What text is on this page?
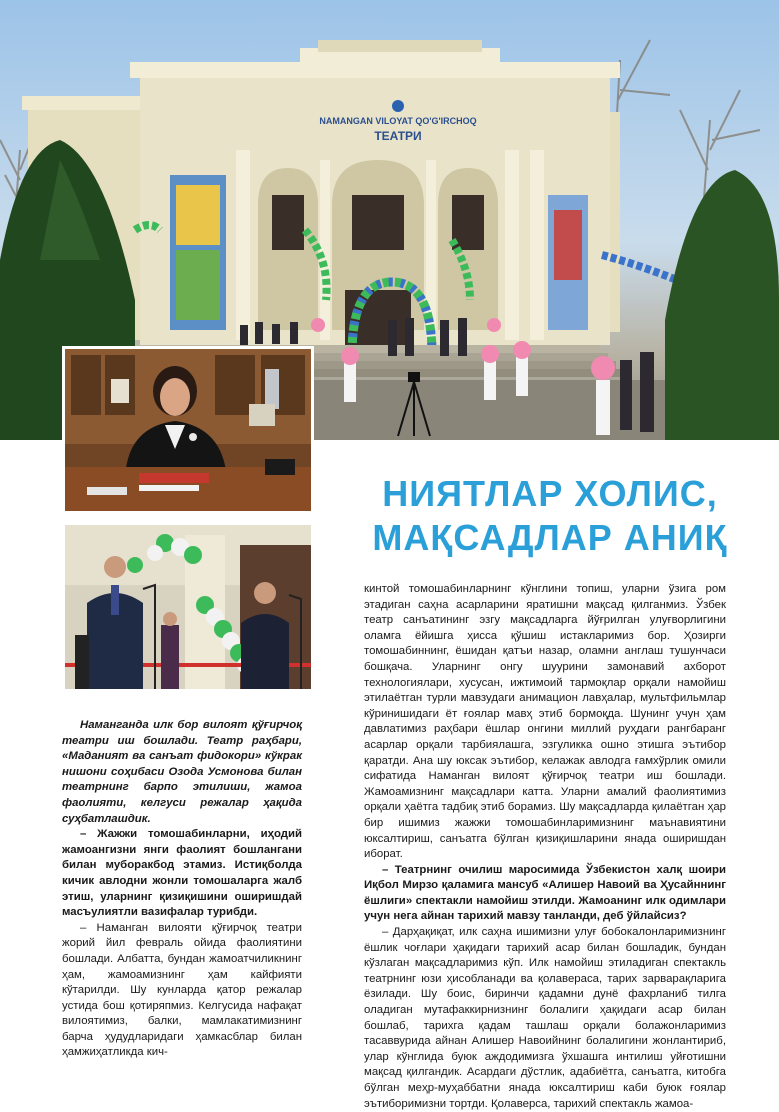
NAMANGAN VILOYAT QO'G'IRCHOQ
ТЕАТРИ
НИЯТЛАР ХОЛИС,
МАҚСАДЛАР АНИҚ

Наманганда илк бор вилоят қўғирчоқ театри иш бошлади. Театр раҳбари, «Маданият ва санъат фидокори» кўкрак нишони соҳибаси Озода Усмонова билан театрнинг барпо этилиши, жамоа фаолияти, келгуси режалар ҳақида суҳбатлашдик.

– Жажжи томошабинларни, иҳодий жамоангизни янги фаолият бошлангани билан муборакбод этамиз. Истиқболда кичик авлодни жонли томошаларга жалб этиш, уларнинг қизиқишини оширишдай масъулиятли вазифалар турибди.

– Наманган вилояти қўғирчоқ театри жорий йил февраль ойида фаолиятини бошлади. Албатта, бундан жамоатчиликнинг ҳам, жамоамизнинг ҳам кайфияти кўтарилди. Шу кунларда қатор режалар устида бош қотиряпмиз. Келгусида нафақат вилоятимиз, балки, мамлакатимизнинг барча ҳудудларидаги ҳамкасблар билан ҳамжиҳатликда кич-

кинтой томошабинларнинг кўнглини топиш, уларни ўзига ром этадиган саҳна асарларини яратишни мақсад қилганмиз. Ўзбек театр санъатининг эзгу мақсадларга йўғрилган улуғворлигини оламга ёйишга ҳисса қўшиш истакларимиз бор. Ҳозирги томошабиннинг, ёшидан қатъи назар, оламни англаш тушунчаси бошқача. Уларнинг онгу шуурини замонавий ахборот технологиялари, хусусан, ижтимоий тармоқлар орқали намойиш этилаётган турли мавзудаги анимацион лавҳалар, мультфильмлар кўринишидаги ёт ғоялар мавҳ этиб бормоқда. Шунинг учун ҳам давлатимиз раҳбари ёшлар онгини миллий руҳдаги рангбаранг асарлар орқали тарбиялашга, эзгуликка ошно этишга эътибор қаратди. Ана шу юксак эътибор, келажак авлодга ғамхўрлик омили сифатида Наманган вилоят қўғирчоқ театри иш бошлади. Жамоамизнинг мақсадлари катта. Уларни амалий фаолиятимиз орқали ҳаётга тадбиқ этиб борамиз. Шу мақсадларда қилаётган ҳар бир ишимиз жажжи томошабинларимизнинг маънавиятини юксалтириш, санъатга бўлган қизиқишларини янада оширишдан иборат.

– Театрнинг очилиш маросимида Ўзбекистон халқ шоири Иқбол Мирзо қаламига мансуб «Алишер Навоий ва Ҳусайннинг ёшлиги» спектакли намойиш этилди. Жамоанинг илк одимлари учун нега айнан тарихий мавзу танланди, деб ўйлайсиз?

– Дарҳақиқат, илк саҳна ишимизни улуғ бобокалонларимизнинг ёшлик чоғлари ҳақидаги тарихий асар билан бошладик, бундан кўзлаган мақсадларимиз кўп. Илк намойиш этиладиган спектакль театрнинг юзи ҳисобланади ва қолавераса, тарих зарварақларига ёзилади. Шу боис, биринчи қадамни дунё фахрланиб тилга оладиган мутафаккирнизнинг болалиги ҳақидаги асар билан бошлаб, тарихга қадам ташлаш орқали болажонларимиз тасаввурида айнан Алишер Навоийнинг болалигини жонлантириб, улар кўнглида буюк аждодимизга ўхшашга интилиш уйғотишни мақсад қилгандик. Асардаги дўстлик, адабиётга, санъатга, китобга бўлган меҳр-муҳаббатни янада юксалтириш каби буюк ғоялар эътиборимизни тортди. Қолаверса, тарихий спектакль жамоа-
